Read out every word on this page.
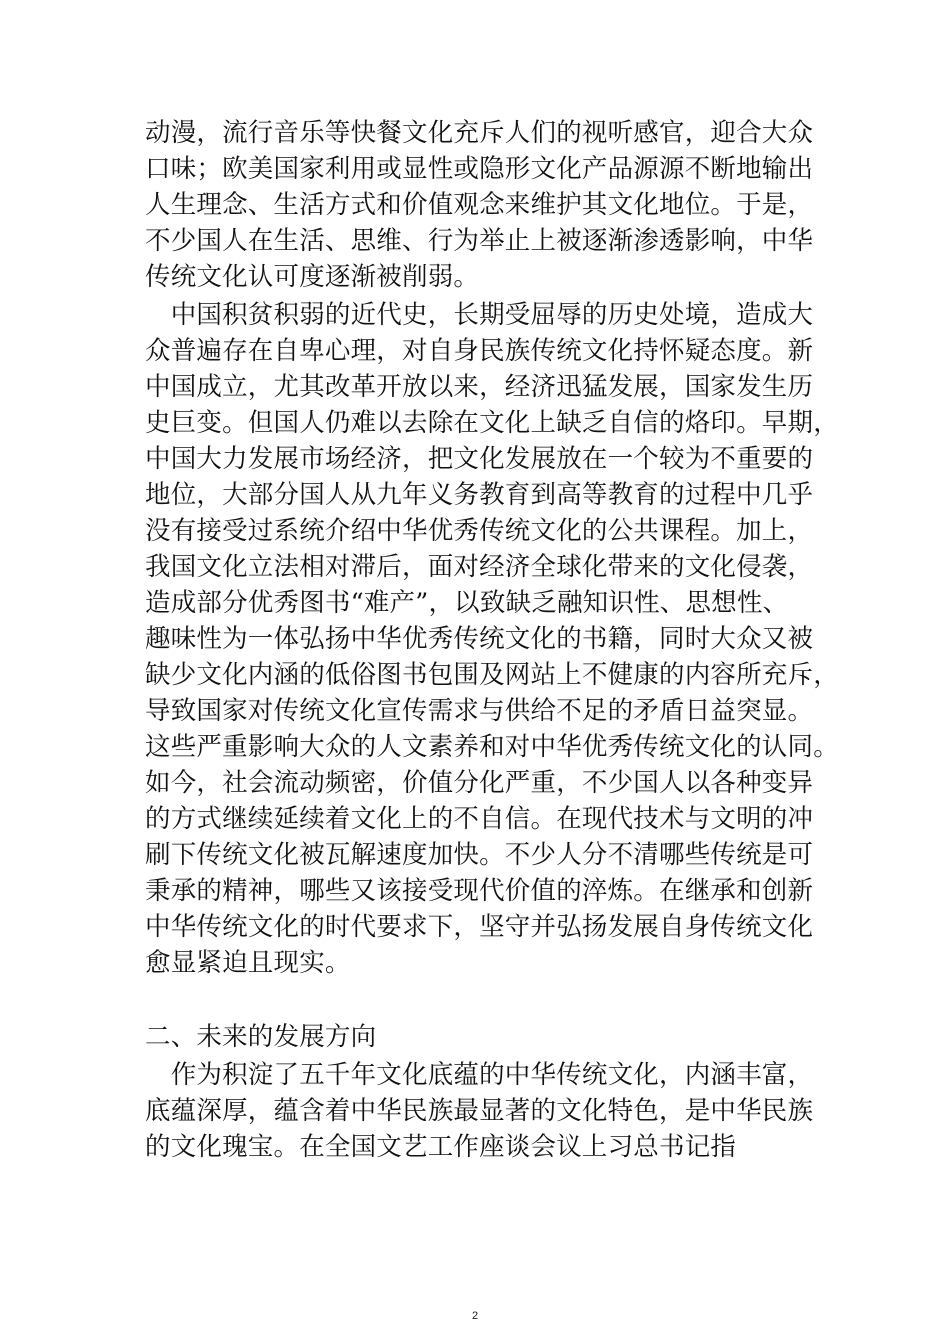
动漫，流行音乐等快餐文化充斥人们的视听感官，迎合大众
口味；欧美国家利用或显性或隐形文化产品源源不断地输出
人生理念、生活方式和价值观念来维护其文化地位。于是，
不少国人在生活、思维、行为举止上被逐渐渗透影响，中华
传统文化认可度逐渐被削弱。
　中国积贫积弱的近代史，长期受屈辱的历史处境，造成大
众普遍存在自卑心理，对自身民族传统文化持怀疑态度。新
中国成立，尤其改革开放以来，经济迅猛发展，国家发生历
史巨变。但国人仍难以去除在文化上缺乏自信的烙印。早期，
中国大力发展市场经济，把文化发展放在一个较为不重要的
地位，大部分国人从九年义务教育到高等教育的过程中几乎
没有接受过系统介绍中华优秀传统文化的公共课程。加上，
我国文化立法相对滞后，面对经济全球化带来的文化侵袭，
造成部分优秀图书“难产”，以致缺乏融知识性、思想性、
趣味性为一体弘扬中华优秀传统文化的书籍，同时大众又被
缺少文化内涵的低俗图书包围及网站上不健康的内容所充斥，
导致国家对传统文化宣传需求与供给不足的矛盾日益突显。
这些严重影响大众的人文素养和对中华优秀传统文化的认同。
如今，社会流动频密，价值分化严重，不少国人以各种变异
的方式继续延续着文化上的不自信。在现代技术与文明的冲
刷下传统文化被瓦解速度加快。不少人分不清哪些传统是可
秉承的精神，哪些又该接受现代价值的淬炼。在继承和创新
中华传统文化的时代要求下，坚守并弘扬发展自身传统文化
愈显紧迫且现实。
二、未来的发展方向
　作为积淀了五千年文化底蕴的中华传统文化，内涵丰富，
底蕴深厚，蕴含着中华民族最显著的文化特色，是中华民族
的文化瑰宝。在全国文艺工作座谈会议上习总书记指
2
